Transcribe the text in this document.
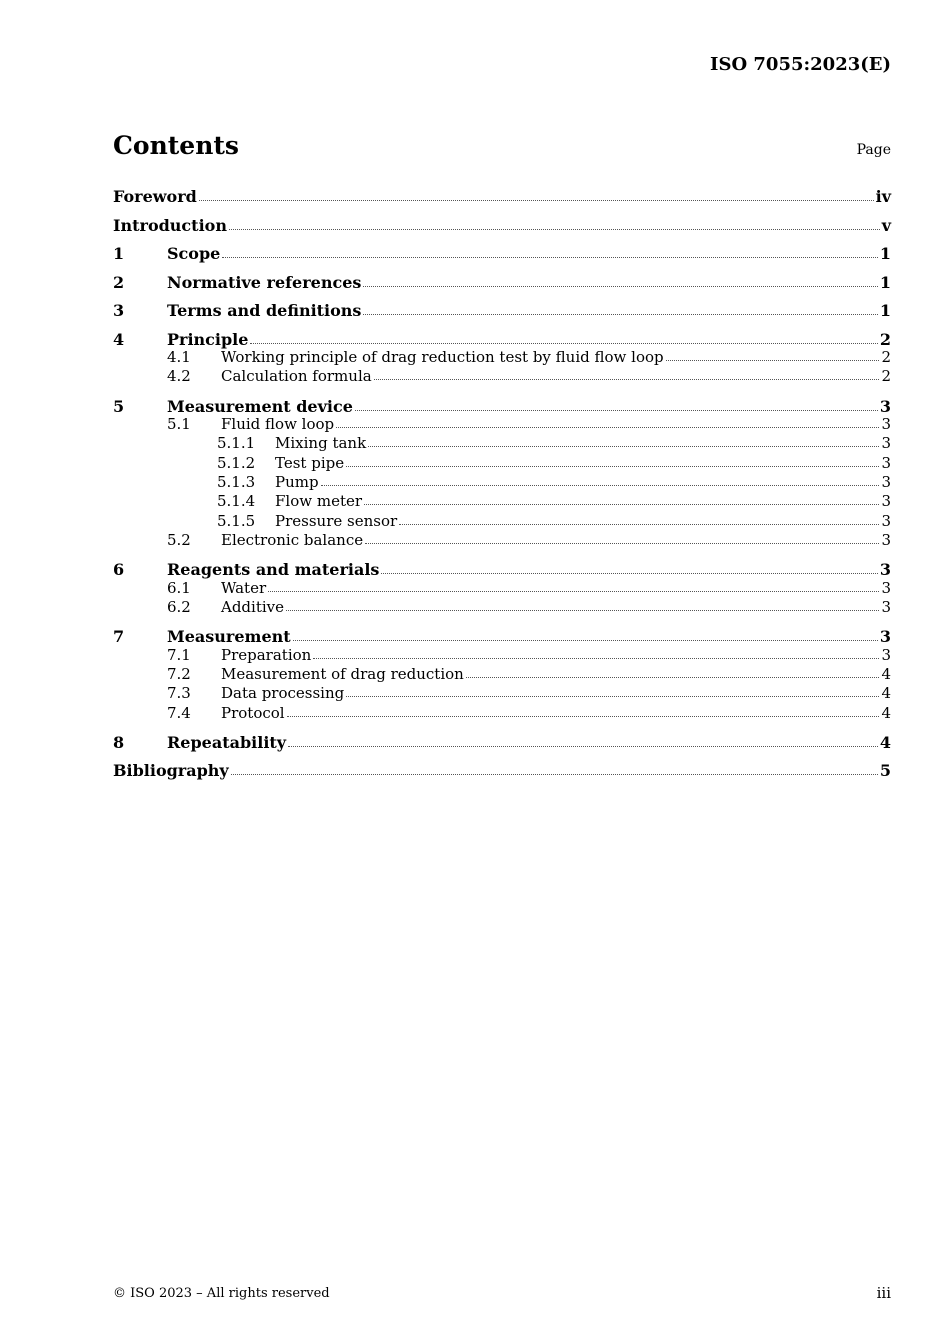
ISO 7055:2023(E)
Contents	Page
Foreword	iv
Introduction	v
1	Scope	1
2	Normative references	1
3	Terms and definitions	1
4	Principle	2
4.1	Working principle of drag reduction test by fluid flow loop	2
4.2	Calculation formula	2
5	Measurement device	3
5.1	Fluid flow loop	3
5.1.1	Mixing tank	3
5.1.2	Test pipe	3
5.1.3	Pump	3
5.1.4	Flow meter	3
5.1.5	Pressure sensor	3
5.2	Electronic balance	3
6	Reagents and materials	3
6.1	Water	3
6.2	Additive	3
7	Measurement	3
7.1	Preparation	3
7.2	Measurement of drag reduction	4
7.3	Data processing	4
7.4	Protocol	4
8	Repeatability	4
Bibliography	5
© ISO 2023 – All rights reserved	iii
